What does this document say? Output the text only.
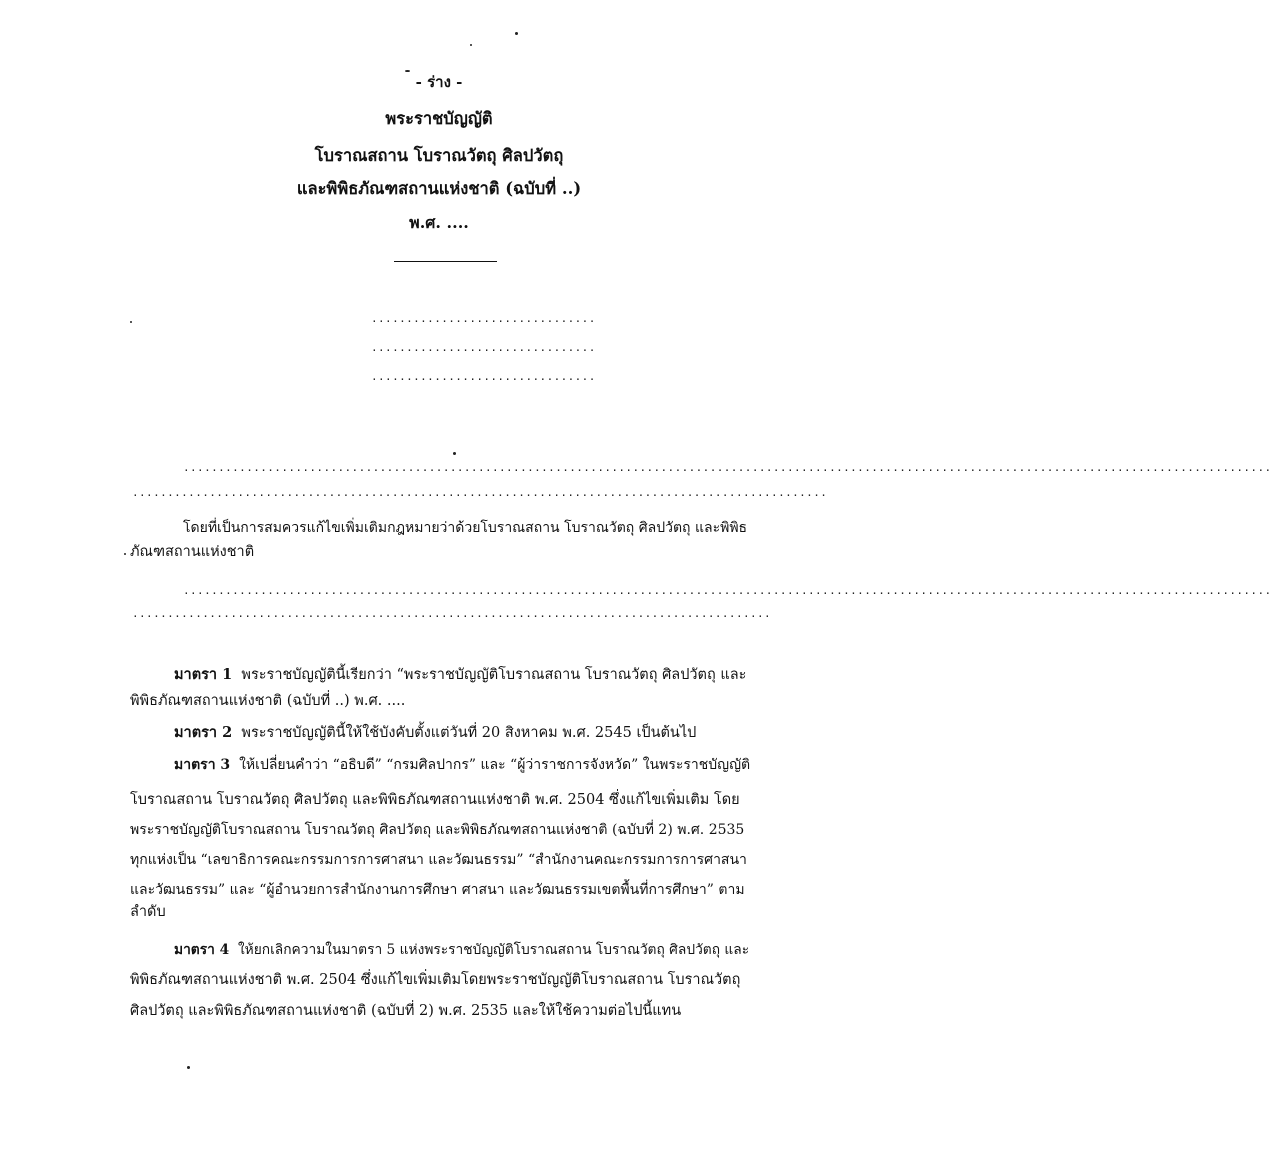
- ร่าง -
พระราชบัญญัติ
โบราณสถาน โบราณวัตถุ ศิลปวัตถุ
และพิพิธภัณฑสถานแห่งชาติ (ฉบับที่ ..)
พ.ศ. ....
................................
................................
................................
...........................................................................................................................................................
...................................................................................................
โดยที่เป็นการสมควรแก้ไขเพิ่มเติมกฎหมายว่าด้วยโบราณสถาน โบราณวัตถุ ศิลปวัตถุ และพิพิธ
ภัณฑสถานแห่งชาติ
...........................................................................................................................................................
...........................................................................................
มาตรา 1 พระราชบัญญัตินี้เรียกว่า “พระราชบัญญัติโบราณสถาน โบราณวัตถุ ศิลปวัตถุ และ
พิพิธภัณฑสถานแห่งชาติ (ฉบับที่ ..) พ.ศ. ....
มาตรา 2 พระราชบัญญัตินี้ให้ใช้บังคับตั้งแต่วันที่ 20 สิงหาคม พ.ศ. 2545 เป็นต้นไป
มาตรา 3 ให้เปลี่ยนคำว่า “อธิบดี” “กรมศิลปากร” และ “ผู้ว่าราชการจังหวัด” ในพระราชบัญญัติ
โบราณสถาน โบราณวัตถุ ศิลปวัตถุ และพิพิธภัณฑสถานแห่งชาติ พ.ศ. 2504 ซึ่งแก้ไขเพิ่มเติม โดย
พระราชบัญญัติโบราณสถาน โบราณวัตถุ ศิลปวัตถุ และพิพิธภัณฑสถานแห่งชาติ (ฉบับที่ 2) พ.ศ. 2535
ทุกแห่งเป็น “เลขาธิการคณะกรรมการการศาสนา และวัฒนธรรม” “สำนักงานคณะกรรมการการศาสนา
และวัฒนธรรม” และ “ผู้อำนวยการสำนักงานการศึกษา ศาสนา และวัฒนธรรมเขตพื้นที่การศึกษา” ตาม
ลำดับ
มาตรา 4 ให้ยกเลิกความในมาตรา 5 แห่งพระราชบัญญัติโบราณสถาน โบราณวัตถุ ศิลปวัตถุ และ
พิพิธภัณฑสถานแห่งชาติ พ.ศ. 2504 ซึ่งแก้ไขเพิ่มเติมโดยพระราชบัญญัติโบราณสถาน โบราณวัตถุ
ศิลปวัตถุ และพิพิธภัณฑสถานแห่งชาติ (ฉบับที่ 2) พ.ศ. 2535 และให้ใช้ความต่อไปนี้แทน
